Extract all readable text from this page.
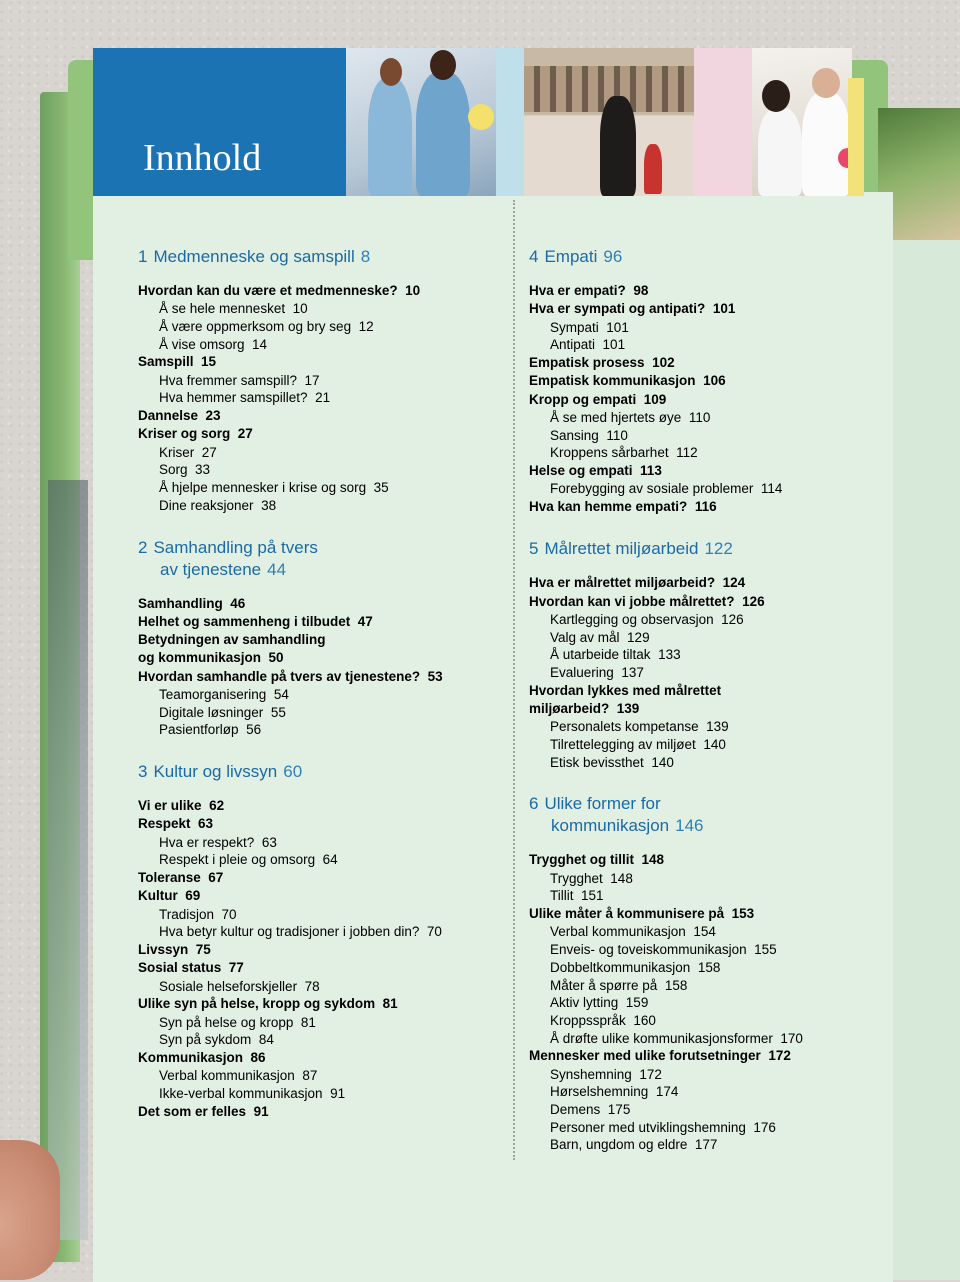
Innhold
1 Medmenneske og samspill 8
Hvordan kan du være et medmenneske? 10
Å se hele mennesket 10
Å være oppmerksom og bry seg 12
Å vise omsorg 14
Samspill 15
Hva fremmer samspill? 17
Hva hemmer samspillet? 21
Dannelse 23
Kriser og sorg 27
Kriser 27
Sorg 33
Å hjelpe mennesker i krise og sorg 35
Dine reaksjoner 38
2 Samhandling på tvers
av tjenestene 44
Samhandling 46
Helhet og sammenheng i tilbudet 47
Betydningen av samhandling
og kommunikasjon 50
Hvordan samhandle på tvers av tjenestene? 53
Teamorganisering 54
Digitale løsninger 55
Pasientforløp 56
3 Kultur og livssyn 60
Vi er ulike 62
Respekt 63
Hva er respekt? 63
Respekt i pleie og omsorg 64
Toleranse 67
Kultur 69
Tradisjon 70
Hva betyr kultur og tradisjoner i jobben din? 70
Livssyn 75
Sosial status 77
Sosiale helseforskjeller 78
Ulike syn på helse, kropp og sykdom 81
Syn på helse og kropp 81
Syn på sykdom 84
Kommunikasjon 86
Verbal kommunikasjon 87
Ikke-verbal kommunikasjon 91
Det som er felles 91
4 Empati 96
Hva er empati? 98
Hva er sympati og antipati? 101
Sympati 101
Antipati 101
Empatisk prosess 102
Empatisk kommunikasjon 106
Kropp og empati 109
Å se med hjertets øye 110
Sansing 110
Kroppens sårbarhet 112
Helse og empati 113
Forebygging av sosiale problemer 114
Hva kan hemme empati? 116
5 Målrettet miljøarbeid 122
Hva er målrettet miljøarbeid? 124
Hvordan kan vi jobbe målrettet? 126
Kartlegging og observasjon 126
Valg av mål 129
Å utarbeide tiltak 133
Evaluering 137
Hvordan lykkes med målrettet
miljøarbeid? 139
Personalets kompetanse 139
Tilrettelegging av miljøet 140
Etisk bevissthet 140
6 Ulike former for
kommunikasjon 146
Trygghet og tillit 148
Trygghet 148
Tillit 151
Ulike måter å kommunisere på 153
Verbal kommunikasjon 154
Enveis- og toveiskommunikasjon 155
Dobbeltkommunikasjon 158
Måter å spørre på 158
Aktiv lytting 159
Kroppsspråk 160
Å drøfte ulike kommunikasjonsformer 170
Mennesker med ulike forutsetninger 172
Synshemning 172
Hørselshemning 174
Demens 175
Personer med utviklingshemning 176
Barn, ungdom og eldre 177
